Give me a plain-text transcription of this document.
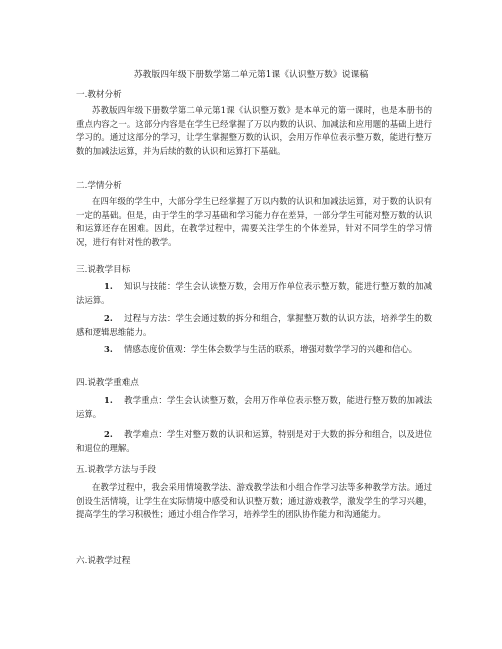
苏教版四年级下册数学第二单元第1课《认识整万数》说课稿
一.教材分析
苏教版四年级下册数学第二单元第1课《认识整万数》是本单元的第一课时，也是本册书的重点内容之一。这部分内容是在学生已经掌握了万以内数的认识、加减法和应用题的基础上进行学习的。通过这部分的学习，让学生掌握整万数的认识，会用万作单位表示整万数，能进行整万数的加减法运算，并为后续的数的认识和运算打下基础。
二.学情分析
在四年级的学生中，大部分学生已经掌握了万以内数的认识和加减法运算，对于数的认识有一定的基础。但是，由于学生的学习基础和学习能力存在差异，一部分学生可能对整万数的认识和运算还存在困难。因此，在教学过程中，需要关注学生的个体差异，针对不同学生的学习情况，进行有针对性的教学。
三.说教学目标
1. 知识与技能：学生会认读整万数，会用万作单位表示整万数，能进行整万数的加减法运算。
2. 过程与方法：学生会通过数的拆分和组合，掌握整万数的认识方法，培养学生的数感和逻辑思维能力。
3. 情感态度价值观：学生体会数学与生活的联系，增强对数学学习的兴趣和信心。
四.说教学重难点
1. 教学重点：学生会认读整万数，会用万作单位表示整万数，能进行整万数的加减法运算。
2. 教学难点：学生对整万数的认识和运算，特别是对于大数的拆分和组合，以及进位和退位的理解。
五.说教学方法与手段
在教学过程中，我会采用情境教学法、游戏教学法和小组合作学习法等多种教学方法。通过创设生活情境，让学生在实际情境中感受和认识整万数；通过游戏教学，激发学生的学习兴趣，提高学生的学习积极性；通过小组合作学习，培养学生的团队协作能力和沟通能力。
六.说教学过程
